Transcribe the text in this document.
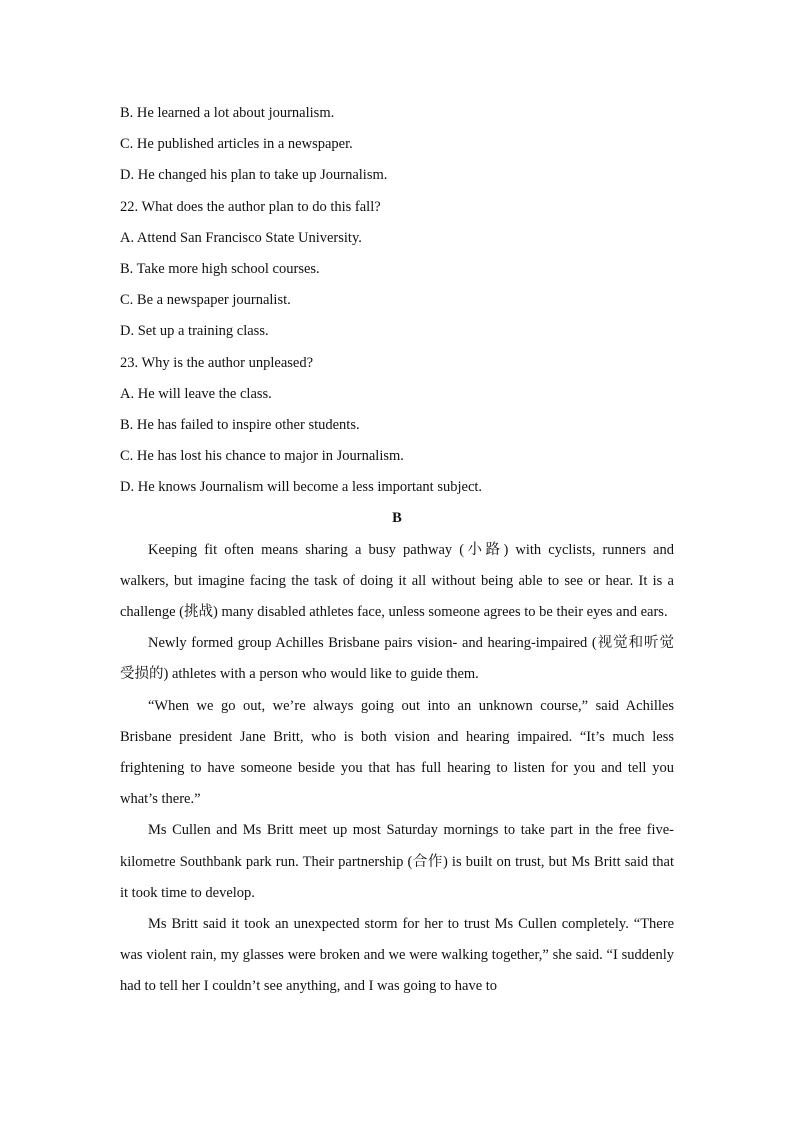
B. He learned a lot about journalism.
C. He published articles in a newspaper.
D. He changed his plan to take up Journalism.
22. What does the author plan to do this fall?
A. Attend San Francisco State University.
B. Take more high school courses.
C. Be a newspaper journalist.
D. Set up a training class.
23. Why is the author unpleased?
A. He will leave the class.
B. He has failed to inspire other students.
C. He has lost his chance to major in Journalism.
D. He knows Journalism will become a less important subject.
B

Keeping fit often means sharing a busy pathway (小路) with cyclists, runners and walkers, but imagine facing the task of doing it all without being able to see or hear. It is a challenge (挑战) many disabled athletes face, unless someone agrees to be their eyes and ears.

Newly formed group Achilles Brisbane pairs vision- and hearing-impaired (视觉和听觉受损的) athletes with a person who would like to guide them.

“When we go out, we’re always going out into an unknown course,” said Achilles Brisbane president Jane Britt, who is both vision and hearing impaired. “It’s much less frightening to have someone beside you that has full hearing to listen for you and tell you what’s there.”

Ms Cullen and Ms Britt meet up most Saturday mornings to take part in the free five-kilometre Southbank park run. Their partnership (合作) is built on trust, but Ms Britt said that it took time to develop.

Ms Britt said it took an unexpected storm for her to trust Ms Cullen completely. “There was violent rain, my glasses were broken and we were walking together,” she said. “I suddenly had to tell her I couldn’t see anything, and I was going to have to
